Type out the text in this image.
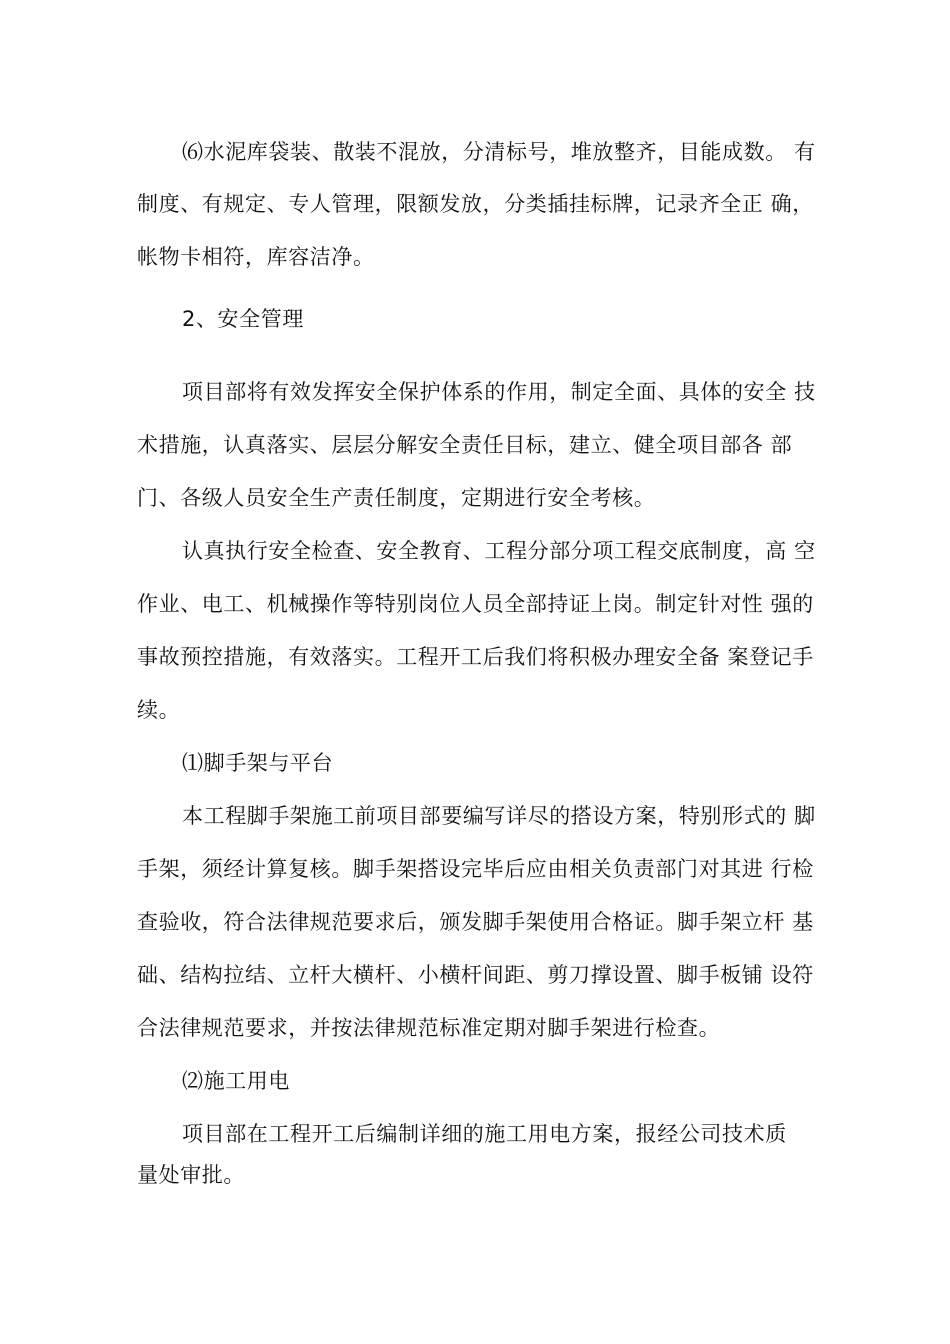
⑹水泥库袋装、散装不混放，分清标号，堆放整齐，目能成数。 有
制度、有规定、专人管理，限额发放，分类插挂标牌，记录齐全正 确，
帐物卡相符，库容洁净。
2、安全管理
项目部将有效发挥安全保护体系的作用，制定全面、具体的安全 技
术措施，认真落实、层层分解安全责任目标，建立、健全项目部各 部
门、各级人员安全生产责任制度，定期进行安全考核。
认真执行安全检查、安全教育、工程分部分项工程交底制度，高 空
作业、电工、机械操作等特别岗位人员全部持证上岗。制定针对性 强的
事故预控措施，有效落实。工程开工后我们将积极办理安全备 案登记手
续。
⑴脚手架与平台
本工程脚手架施工前项目部要编写详尽的搭设方案，特别形式的 脚
手架，须经计算复核。脚手架搭设完毕后应由相关负责部门对其进 行检
查验收，符合法律规范要求后，颁发脚手架使用合格证。脚手架立杆 基
础、结构拉结、立杆大横杆、小横杆间距、剪刀撑设置、脚手板铺 设符
合法律规范要求，并按法律规范标准定期对脚手架进行检查。
⑵施工用电
项目部在工程开工后编制详细的施工用电方案，报经公司技术质
量处审批。
